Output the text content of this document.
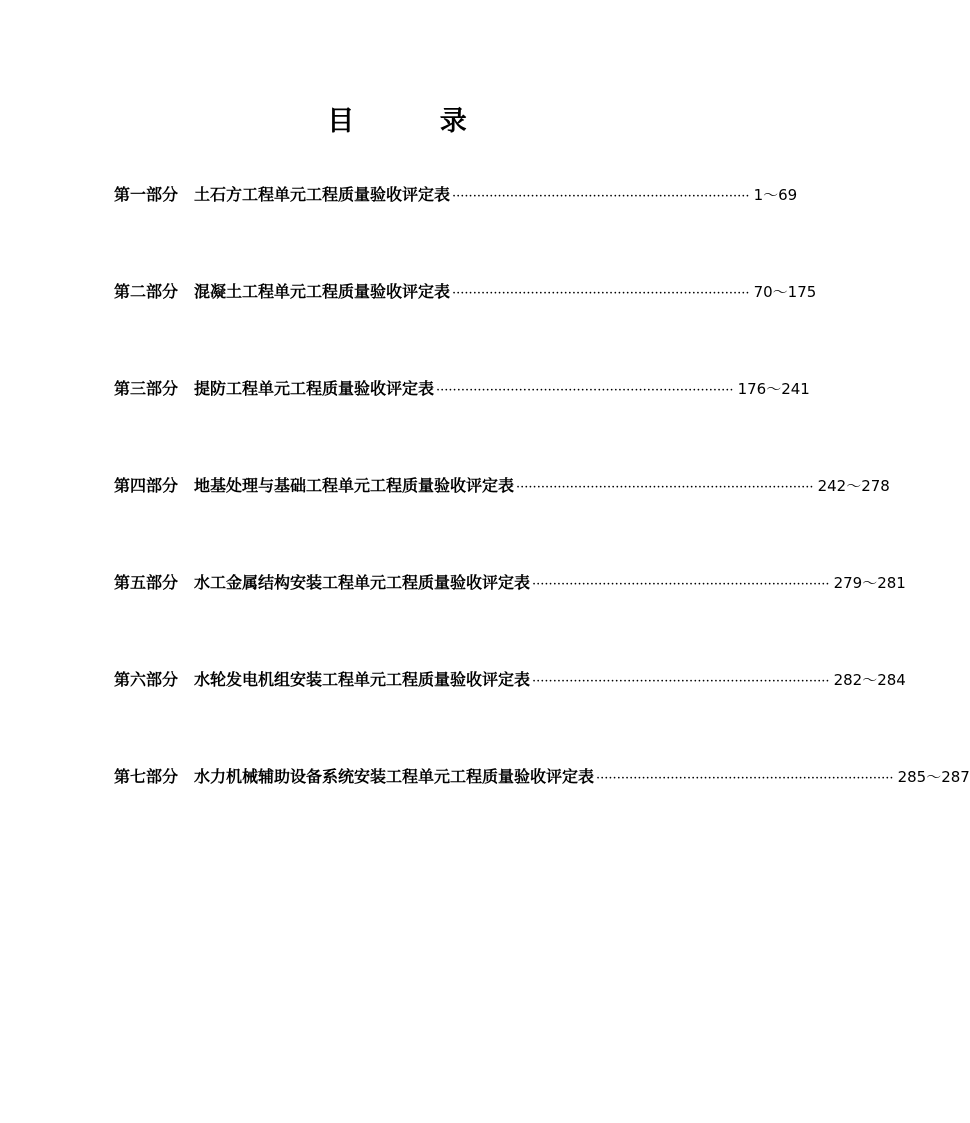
目 录
第一部分 土石方工程单元工程质量验收评定表 ········································································ 1～69
第二部分 混凝土工程单元工程质量验收评定表 ········································································ 70～175
第三部分 提防工程单元工程质量验收评定表 ········································································ 176～241
第四部分 地基处理与基础工程单元工程质量验收评定表 ········································································ 242～278
第五部分 水工金属结构安装工程单元工程质量验收评定表 ········································································ 279～281
第六部分 水轮发电机组安装工程单元工程质量验收评定表 ········································································ 282～284
第七部分 水力机械辅助设备系统安装工程单元工程质量验收评定表 ········································································ 285～287
